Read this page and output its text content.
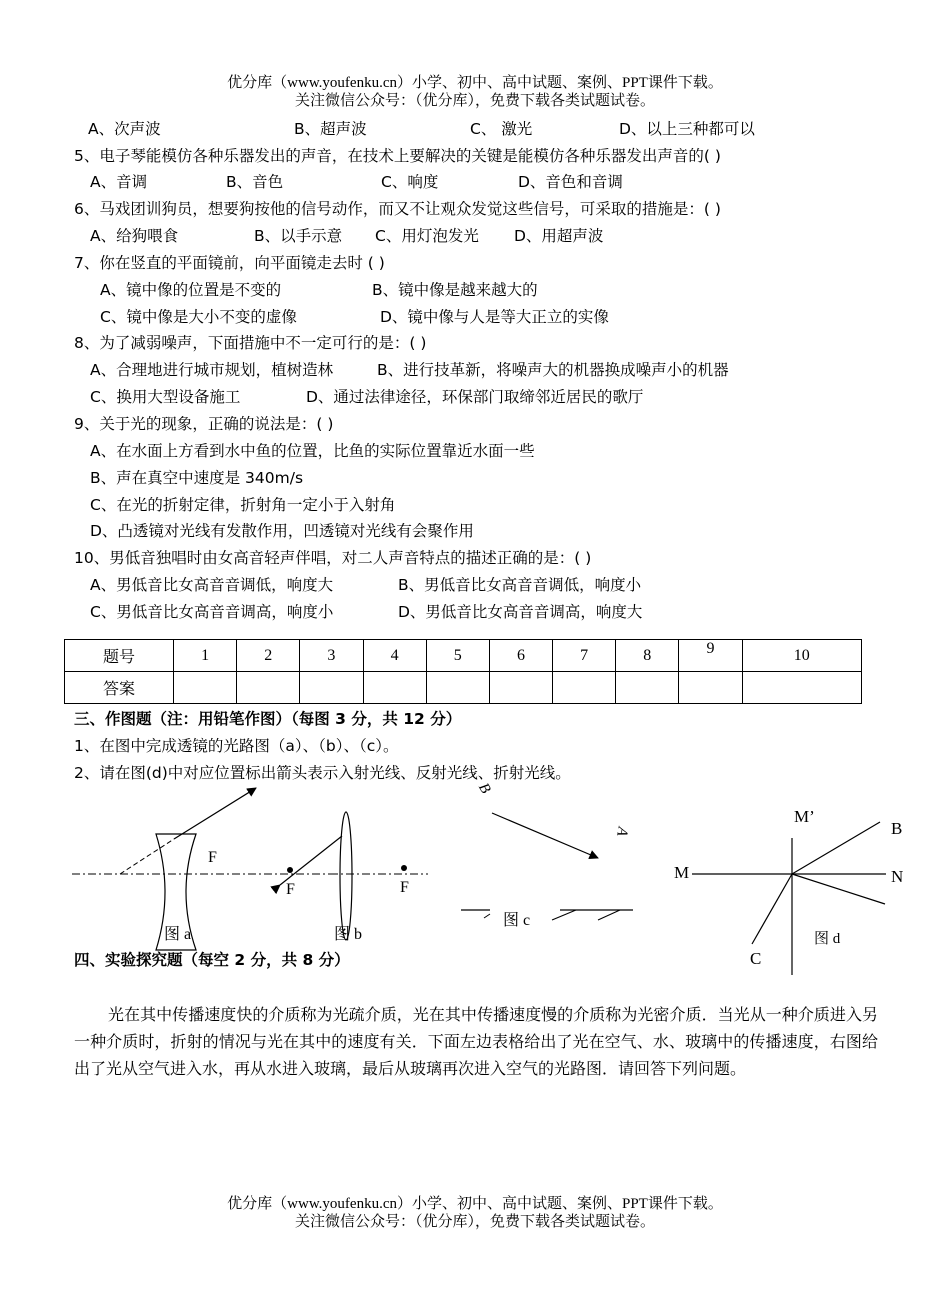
优分库（www.youfenku.cn）小学、初中、高中试题、案例、PPT课件下载。
关注微信公众号：（优分库），免费下载各类试题试卷。
A、次声波	B、超声波	C、 激光	D、以上三种都可以
5、电子琴能模仿各种乐器发出的声音，在技术上要解决的关键是能模仿各种乐器发出声音的( )
A、音调	B、音色	C、响度	D、音色和音调
6、马戏团训狗员，想要狗按他的信号动作，而又不让观众发觉这些信号，可采取的措施是：( )
A、给狗喂食	B、以手示意 C、用灯泡发光 D、用超声波
7、你在竖直的平面镜前，向平面镜走去时 ( )
A、镜中像的位置是不变的	B、镜中像是越来越大的
C、镜中像是大小不变的虚像	D、镜中像与人是等大正立的实像
8、为了减弱噪声，下面措施中不一定可行的是：( )
A、合理地进行城市规划，植树造林	B、进行技革新，将噪声大的机器换成噪声小的机器
C、换用大型设备施工	D、通过法律途径，环保部门取缔邻近居民的歌厅
9、关于光的现象，正确的说法是：( )
A、在水面上方看到水中鱼的位置，比鱼的实际位置靠近水面一些
B、声在真空中速度是 340m/s
C、在光的折射定律，折射角一定小于入射角
D、凸透镜对光线有发散作用，凹透镜对光线有会聚作用
10、男低音独唱时由女高音轻声伴唱，对二人声音特点的描述正确的是：( )
A、男低音比女高音音调低，响度大	B、男低音比女高音音调低，响度小
C、男低音比女高音音调高，响度小	D、男低音比女高音音调高，响度大
题号	1	2	3	4	5	6	7	8	9	10
答案										
三、作图题（注：用铅笔作图）（每图 3 分，共 12 分）
1、在图中完成透镜的光路图（a）、（b）、（c）。
2、请在图(d)中对应位置标出箭头表示入射光线、反射光线、折射光线。
F
图 a
F	F
图 b
B
A
图 c
M’
M	N
B
C
图 d
四、实验探究题（每空 2 分，共 8 分）
光在其中传播速度快的介质称为光疏介质，光在其中传播速度慢的介质称为光密介质．当光从一种介质进入另一种介质时，折射的情况与光在其中的速度有关．下面左边表格给出了光在空气、水、玻璃中的传播速度，右图给出了光从空气进入水，再从水进入玻璃，最后从玻璃再次进入空气的光路图．请回答下列问题。
优分库（www.youfenku.cn）小学、初中、高中试题、案例、PPT课件下载。
关注微信公众号：（优分库），免费下载各类试题试卷。
